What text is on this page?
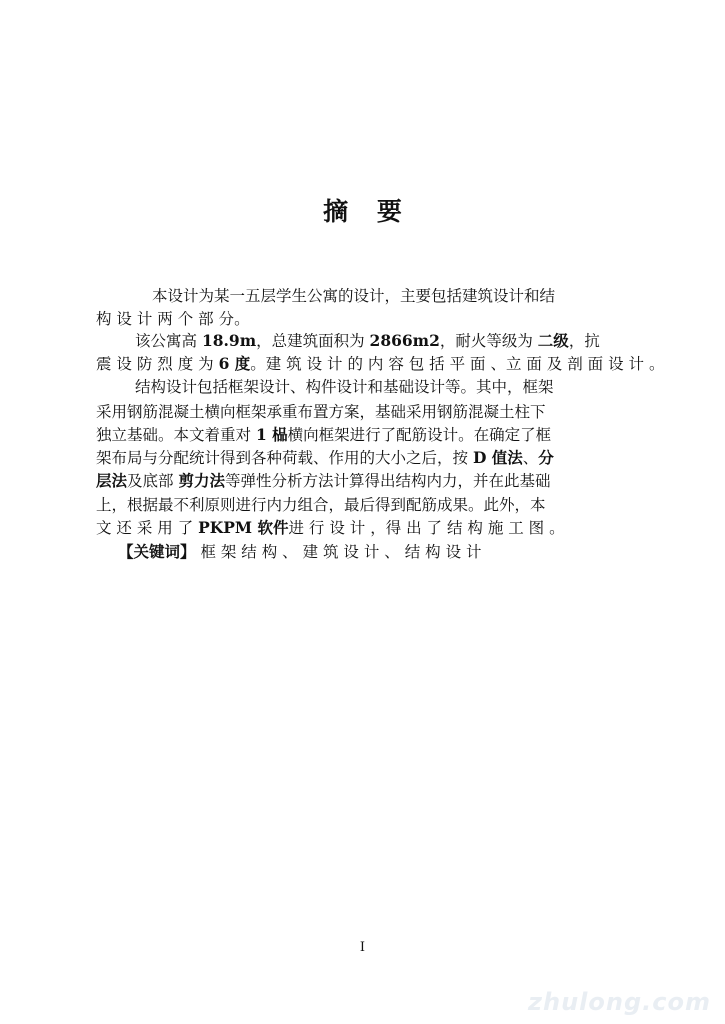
摘 要
本设计为某一五层学生公寓的设计，主要包括建筑设计和结
构 设 计 两 个 部 分。
该公寓高 18.9m，总建筑面积为 2866m2，耐火等级为 二级，抗
震 设 防 烈 度 为 6 度。建 筑 设 计 的 内 容 包 括 平 面 、立 面 及 剖 面 设 计 。
结构设计包括框架设计、构件设计和基础设计等。其中，框架
采用钢筋混凝土横向框架承重布置方案，基础采用钢筋混凝土柱下
独立基础。本文着重对 1 榀横向框架进行了配筋设计。在确定了框
架布局与分配统计得到各种荷载、作用的大小之后，按 D 值法、分
层法及底部 剪力法等弹性分析方法计算得出结构内力，并在此基础
上，根据最不利原则进行内力组合，最后得到配筋成果。此外，本
文 还 采 用 了 PKPM 软件进 行 设 计 ，得 出 了 结 构 施 工 图 。
【关键词】 框 架 结 构 、 建 筑 设 计 、 结 构 设 计
I
zhulong.com
